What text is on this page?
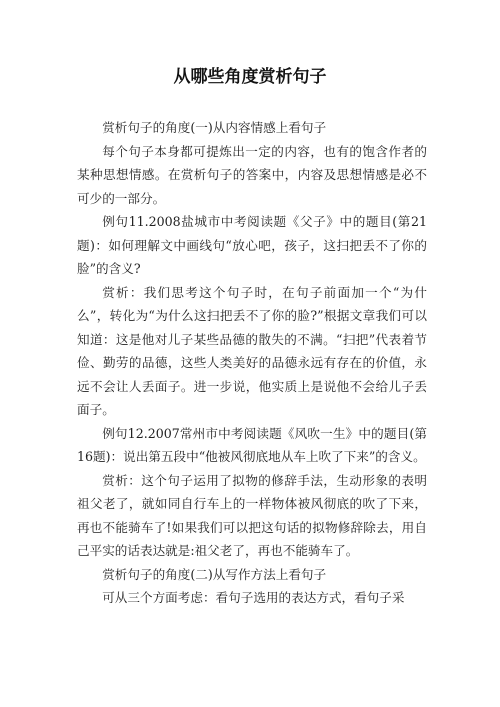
从哪些角度赏析句子

赏析句子的角度(一)从内容情感上看句子

每个句子本身都可提炼出一定的内容，也有的饱含作者的某种思想情感。在赏析句子的答案中，内容及思想情感是必不可少的一部分。

例句11.2008盐城市中考阅读题《父子》中的题目(第21题)：如何理解文中画线句“放心吧，孩子，这扫把丢不了你的脸”的含义?

赏析：我们思考这个句子时，在句子前面加一个“为什么”，转化为“为什么这扫把丢不了你的脸?”根据文章我们可以知道：这是他对儿子某些品德的散失的不满。“扫把”代表着节俭、勤劳的品德，这些人类美好的品德永远有存在的价值，永远不会让人丢面子。进一步说，他实质上是说他不会给儿子丢面子。

例句12.2007常州市中考阅读题《风吹一生》中的题目(第16题)：说出第五段中“他被风彻底地从车上吹了下来”的含义。

赏析：这个句子运用了拟物的修辞手法，生动形象的表明祖父老了，就如同自行车上的一样物体被风彻底的吹了下来，再也不能骑车了!如果我们可以把这句话的拟物修辞除去，用自己平实的话表达就是:祖父老了，再也不能骑车了。

赏析句子的角度(二)从写作方法上看句子

可从三个方面考虑：看句子选用的表达方式，看句子采
